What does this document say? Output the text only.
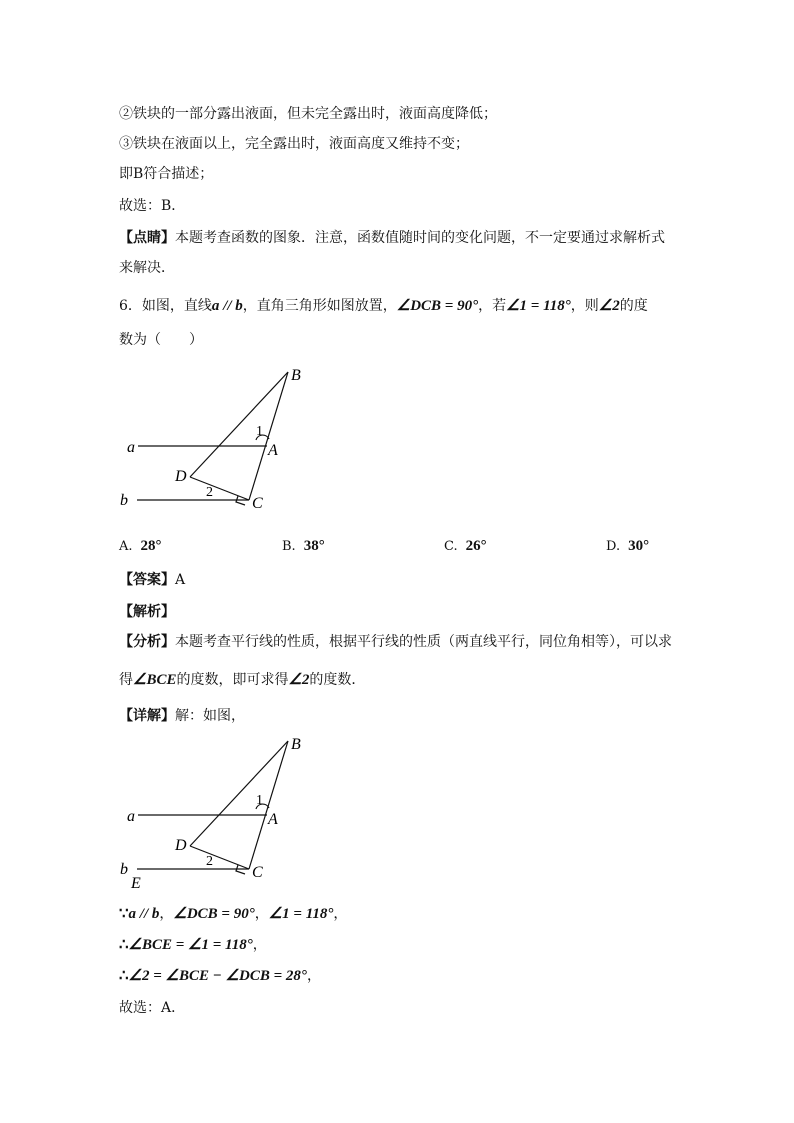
②铁块的一部分露出液面，但未完全露出时，液面高度降低；
③铁块在液面以上，完全露出时，液面高度又维持不变；
即B符合描述；
故选：B．
【点睛】本题考查函数的图象．注意，函数值随时间的变化问题，不一定要通过求解析式
来解决．
6．如图，直线a // b，直角三角形如图放置，∠DCB = 90°，若∠1 = 118°，则∠2的度
数为（　　）
a
b
B
A
C
D
1
2
A. 28°	B. 38°	C. 26°	D. 30°
【答案】A
【解析】
【分析】本题考查平行线的性质，根据平行线的性质（两直线平行，同位角相等），可以求
得∠BCE的度数，即可求得∠2的度数．
【详解】解：如图，
a
b
E
B
A
C
D
1
2
∵a // b，∠DCB = 90°，∠1 = 118°，
∴∠BCE = ∠1 = 118°，
∴∠2 = ∠BCE − ∠DCB = 28°，
故选：A．
